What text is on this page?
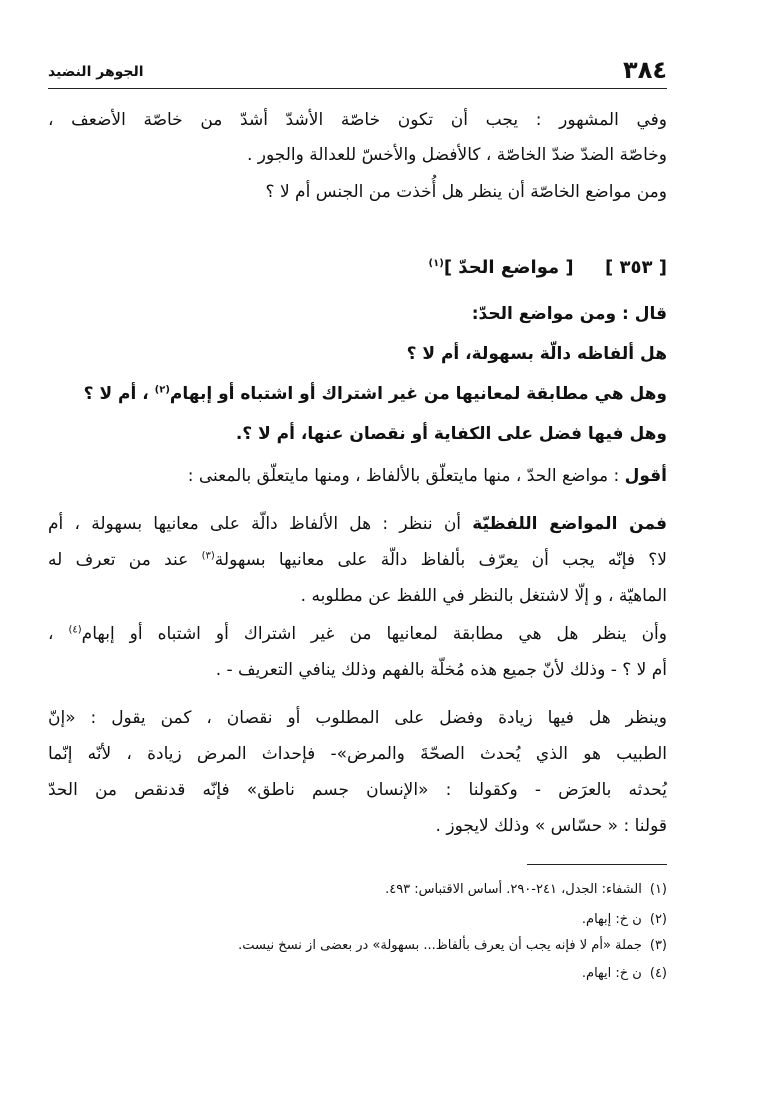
٣٨٤
الجوهر النضيد
وفي المشهور : يجب أن تكون خاصّة الأشدّ أشدّ من خاصّة الأضعف ،
وخاصّة الضدّ ضدّ الخاصّة ، كالأفضل والأخسّ للعدالة والجور .
ومن مواضع الخاصّة أن ينظر هل أُخذت من الجنس أم لا ؟
[ ٣٥٣ ]     [ مواضع الحدّ ]$^{(١)}$
قال : ومن مواضع الحدّ:
هل ألفاظه دالّة بسهولة، أم لا ؟
وهل هي مطابقة لمعانيها من غير اشتراك أو اشتباه أو إبهام$^{(٢)}$ ، أم لا ؟
وهل فيها فضل على الكفاية أو نقصان عنها، أم لا ؟.
أقول : مواضع الحدّ ، منها مايتعلّق بالألفاظ ، ومنها مايتعلّق بالمعنى :
فمن المواضع اللفظيّة أن ننظر : هل الألفاظ دالّة على معانيها بسهولة ، أم
لا؟ فإنّه يجب أن يعرّف بألفاظ دالّة على معانيها بسهولة$^{(٣)}$ عند من تعرف له
الماهيّة ، و إلّا لاشتغل بالنظر في اللفظ عن مطلوبه .
وأن ينظر هل هي مطابقة لمعانيها من غير اشتراك أو اشتباه أو إبهام$^{(٤)}$ ،
أم لا ؟ - وذلك لأنّ جميع هذه مُخلّة بالفهم وذلك ينافي التعريف - .
وينظر هل فيها زيادة وفضل على المطلوب أو نقصان ، كمن يقول : «إنّ
الطبيب هو الذي يُحدث الصحّةَ والمرض»- فإحداث المرض زيادة ، لأنّه إنّما
يُحدثه بالعرَض - وكقولنا : «الإنسان جسم ناطق» فإنّه قدنقص من الحدّ
قولنا : « حسّاس » وذلك لايجوز .
(١)الشفاء: الجدل، ٢٤١-٢٩٠. أساس الاقتباس: ٤٩٣.
(٢)ن خ: إبهام.
(٣)جملة «أم لا فإنه يجب أن يعرف بألفاظ... بسهولة» در بعضى از نسخ نيست.
(٤)ن خ: ايهام.
